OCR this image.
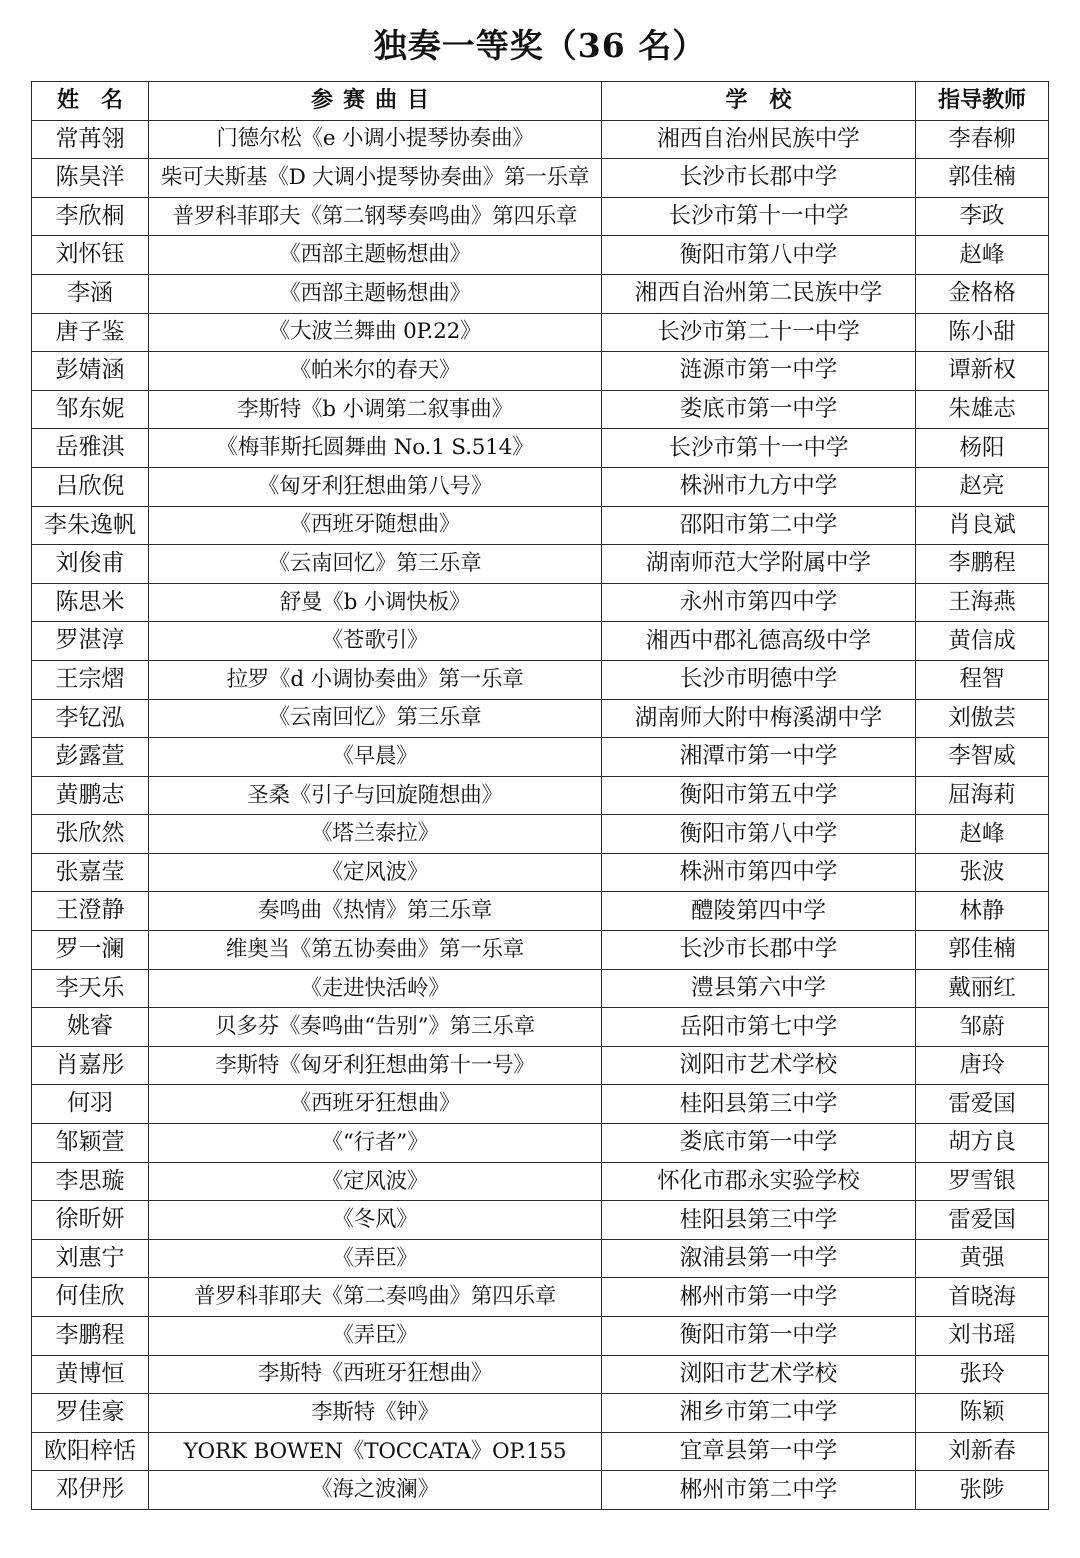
独奏一等奖（36 名）
姓　名	参赛曲目	学　校	指导教师
常苒翎	门德尔松《e 小调小提琴协奏曲》	湘西自治州民族中学	李春柳
陈昊洋	柴可夫斯基《D 大调小提琴协奏曲》第一乐章	长沙市长郡中学	郭佳楠
李欣桐	普罗科菲耶夫《第二钢琴奏鸣曲》第四乐章	长沙市第十一中学	李政
刘怀钰	《西部主题畅想曲》	衡阳市第八中学	赵峰
李涵	《西部主题畅想曲》	湘西自治州第二民族中学	金格格
唐子鉴	《大波兰舞曲 0P.22》	长沙市第二十一中学	陈小甜
彭婧涵	《帕米尔的春天》	涟源市第一中学	谭新权
邹东妮	李斯特《b 小调第二叙事曲》	娄底市第一中学	朱雄志
岳雅淇	《梅菲斯托圆舞曲 No.1 S.514》	长沙市第十一中学	杨阳
吕欣倪	《匈牙利狂想曲第八号》	株洲市九方中学	赵亮
李朱逸帆	《西班牙随想曲》	邵阳市第二中学	肖良斌
刘俊甫	《云南回忆》第三乐章	湖南师范大学附属中学	李鹏程
陈思米	舒曼《b 小调快板》	永州市第四中学	王海燕
罗湛淳	《苍歌引》	湘西中郡礼德高级中学	黄信成
王宗熠	拉罗《d 小调协奏曲》第一乐章	长沙市明德中学	程智
李钇泓	《云南回忆》第三乐章	湖南师大附中梅溪湖中学	刘傲芸
彭露萱	《早晨》	湘潭市第一中学	李智威
黄鹏志	圣桑《引子与回旋随想曲》	衡阳市第五中学	屈海莉
张欣然	《塔兰泰拉》	衡阳市第八中学	赵峰
张嘉莹	《定风波》	株洲市第四中学	张波
王澄静	奏鸣曲《热情》第三乐章	醴陵第四中学	林静
罗一澜	维奥当《第五协奏曲》第一乐章	长沙市长郡中学	郭佳楠
李天乐	《走进快活岭》	澧县第六中学	戴丽红
姚睿	贝多芬《奏鸣曲“告别”》第三乐章	岳阳市第七中学	邹蔚
肖嘉彤	李斯特《匈牙利狂想曲第十一号》	浏阳市艺术学校	唐玲
何羽	《西班牙狂想曲》	桂阳县第三中学	雷爱国
邹颖萱	《“行者”》	娄底市第一中学	胡方良
李思璇	《定风波》	怀化市郡永实验学校	罗雪银
徐昕妍	《冬风》	桂阳县第三中学	雷爱国
刘惠宁	《弄臣》	溆浦县第一中学	黄强
何佳欣	普罗科菲耶夫《第二奏鸣曲》第四乐章	郴州市第一中学	首晓海
李鹏程	《弄臣》	衡阳市第一中学	刘书瑶
黄博恒	李斯特《西班牙狂想曲》	浏阳市艺术学校	张玲
罗佳豪	李斯特《钟》	湘乡市第二中学	陈颖
欧阳梓恬	YORK BOWEN《TOCCATA》OP.155	宜章县第一中学	刘新春
邓伊彤	《海之波澜》	郴州市第二中学	张陟
